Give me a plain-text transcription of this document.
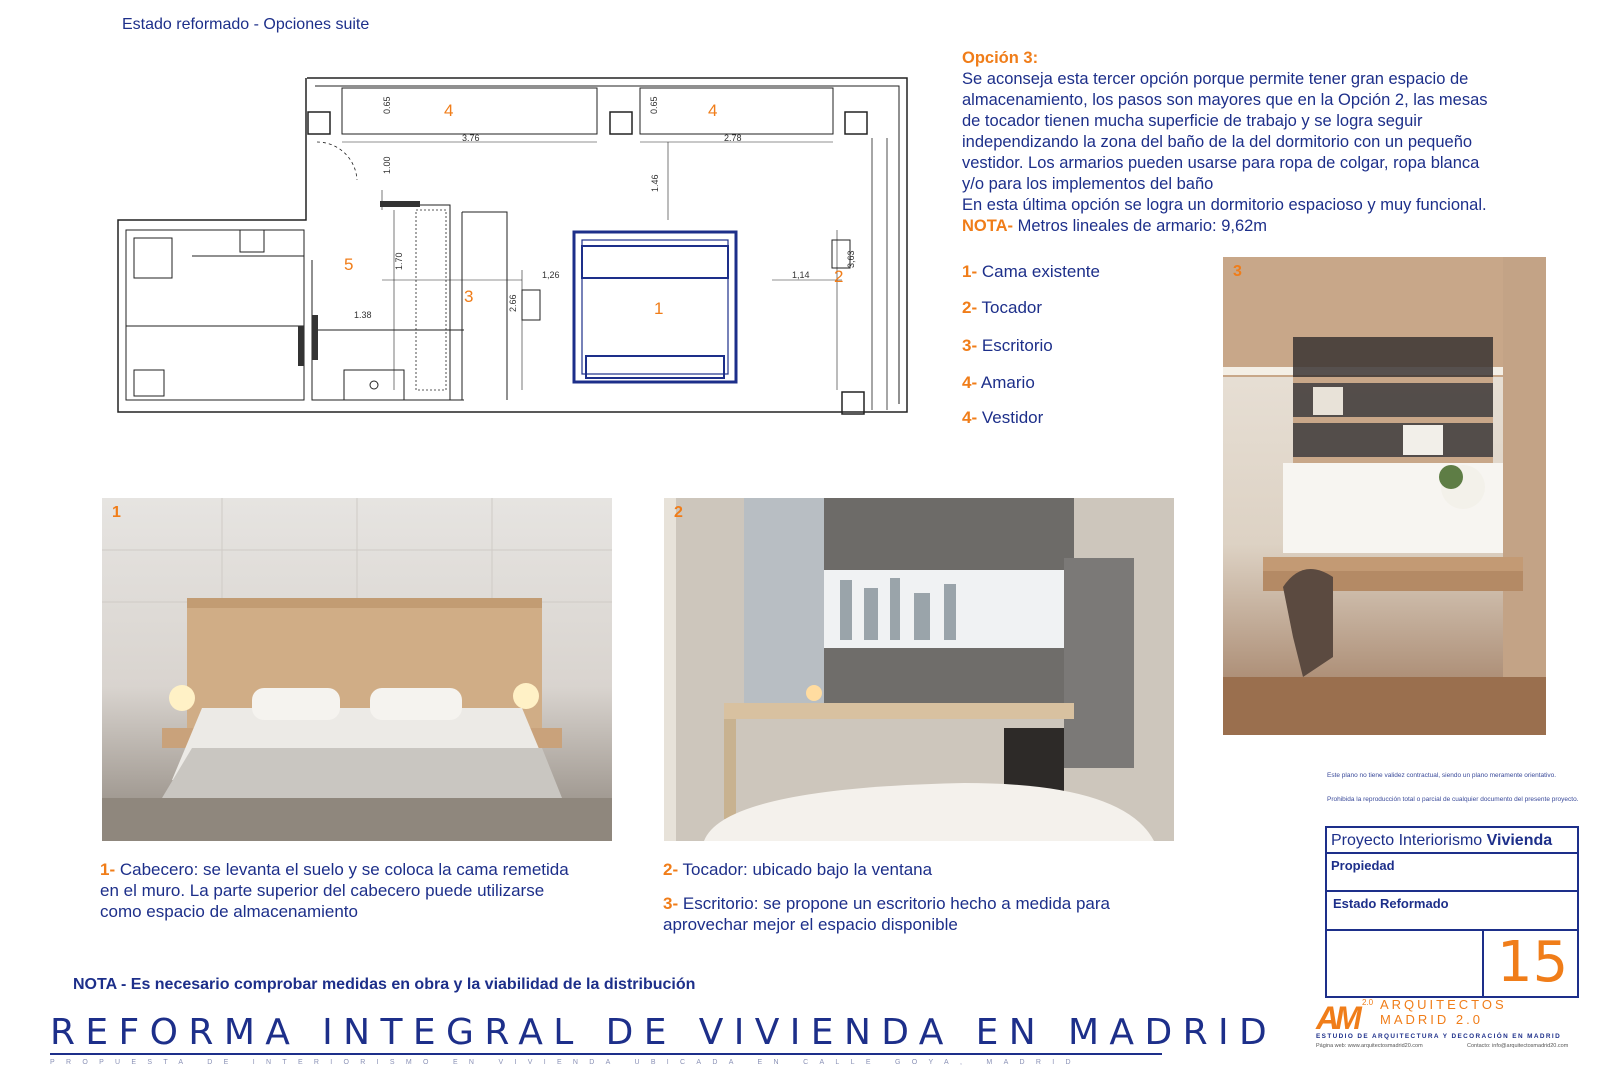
Estado reformado - Opciones suite
4	4
5
3
1
2
0.65	0.65
3.76	2.78
1.00
1.46
1.70
1,26
2.66
1,14
3,63
1.38
Opción 3:
Se aconseja esta tercer opción porque permite tener gran espacio de
almacenamiento, los pasos son mayores que en la Opción 2, las mesas
de tocador tienen mucha superficie de trabajo y se logra seguir
independizando la zona del baño de la del dormitorio con un pequeño
vestidor. Los armarios pueden usarse para ropa de colgar, ropa blanca
y/o para los implementos del baño
En esta última opción se logra un dormitorio espacioso y muy funcional.
NOTA- Metros lineales de armario: 9,62m
1- Cama existente
2- Tocador
3- Escritorio
4- Amario
4- Vestidor
3
1	2
1- Cabecero: se levanta el suelo y se coloca la cama remetida
en el muro. La parte superior del cabecero puede utilizarse
como espacio de almacenamiento
2- Tocador: ubicado bajo la ventana
3- Escritorio: se propone un escritorio hecho a medida para
aprovechar mejor el espacio disponible
NOTA - Es necesario comprobar medidas en obra y la viabilidad de la distribución
REFORMA INTEGRAL DE VIVIENDA EN MADRID
PROPUESTA DE INTERIORISMO EN VIVIENDA UBICADA EN CALLE GOYA, MADRID
Este plano no tiene validez contractual, siendo un plano meramente orientativo.
Prohibida la reproducción total o parcial de cualquier documento del presente proyecto.
Proyecto Interiorismo Vivienda
Propiedad
Estado Reformado
15
AM 2.0 ARQUITECTOS
MADRID 2.0
ESTUDIO DE ARQUITECTURA Y DECORACIÓN EN MADRID
Página web: www.arquitectosmadrid20.com	Contacto: info@arquitectosmadrid20.com
